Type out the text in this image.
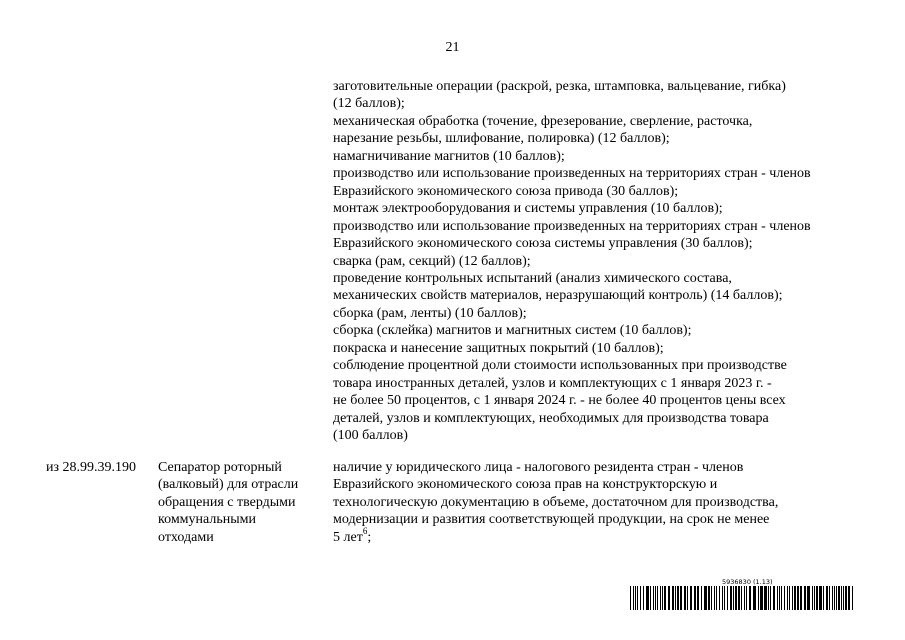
21
заготовительные операции (раскрой, резка, штамповка, вальцевание, гибка)
(12 баллов);
механическая обработка (точение, фрезерование, сверление, расточка,
нарезание резьбы, шлифование, полировка) (12 баллов);
намагничивание магнитов (10 баллов);
производство или использование произведенных на территориях стран - членов
Евразийского экономического союза привода (30 баллов);
монтаж электрооборудования и системы управления (10 баллов);
производство или использование произведенных на территориях стран - членов
Евразийского экономического союза системы управления (30 баллов);
сварка (рам, секций) (12 баллов);
проведение контрольных испытаний (анализ химического состава,
механических свойств материалов, неразрушающий контроль) (14 баллов);
сборка (рам, ленты) (10 баллов);
сборка (склейка) магнитов и магнитных систем (10 баллов);
покраска и нанесение защитных покрытий (10 баллов);
соблюдение процентной доли стоимости использованных при производстве
товара иностранных деталей, узлов и комплектующих с 1 января 2023 г. -
не более 50 процентов, с 1 января 2024 г. - не более 40 процентов цены всех
деталей, узлов и комплектующих, необходимых для производства товара
(100 баллов)
из 28.99.39.190 Сепаратор роторный
(валковый) для отрасли
обращения с твердыми
коммунальными
отходами
наличие у юридического лица - налогового резидента стран - членов
Евразийского экономического союза прав на конструкторскую и
технологическую документацию в объеме, достаточном для производства,
модернизации и развития соответствующей продукции, на срок не менее
5 лет$^6$;
5936830 (1.13)
